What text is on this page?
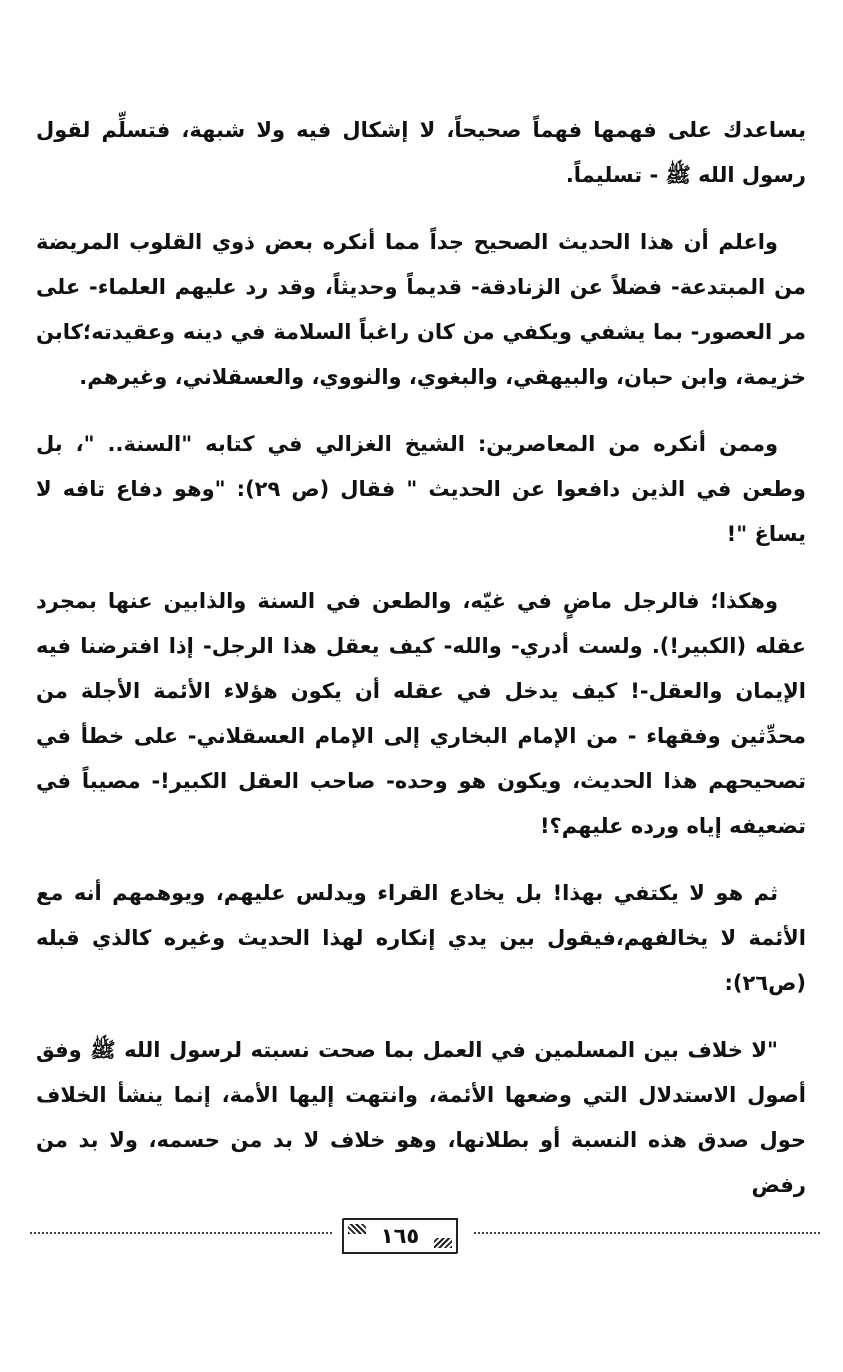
يساعدك على فهمها فهماً صحيحاً، لا إشكال فيه ولا شبهة، فتسلِّم لقول رسول الله ﷺ - تسليماً.

واعلم أن هذا الحديث الصحيح جداً مما أنكره بعض ذوي القلوب المريضة من المبتدعة- فضلاً عن الزنادقة- قديماً وحديثاً، وقد رد عليهم العلماء- على مر العصور- بما يشفي ويكفي من كان راغباً السلامة في دينه وعقيدته؛كابن خزيمة، وابن حبان، والبيهقي، والبغوي، والنووي، والعسقلاني، وغيرهم.

وممن أنكره من المعاصرين: الشيخ الغزالي في كتابه "السنة.. "، بل وطعن في الذين دافعوا عن الحديث " فقال (ص ٢٩): "وهو دفاع تافه لا يساغ "!

وهكذا؛ فالرجل ماضٍ في غيّه، والطعن في السنة والذابين عنها بمجرد عقله (الكبير!). ولست أدري- والله- كيف يعقل هذا الرجل- إذا افترضنا فيه الإيمان والعقل-! كيف يدخل في عقله أن يكون هؤلاء الأئمة الأجلة من محدِّثين وفقهاء - من الإمام البخاري إلى الإمام العسقلاني- على خطأ في تصحيحهم هذا الحديث، ويكون هو وحده- صاحب العقل الكبير!- مصيباً في تضعيفه إياه ورده عليهم؟!

ثم هو لا يكتفي بهذا! بل يخادع القراء ويدلس عليهم، ويوهمهم أنه مع الأئمة لا يخالفهم،فيقول بين يدي إنكاره لهذا الحديث وغيره كالذي قبله (ص٢٦):

"لا خلاف بين المسلمين في العمل بما صحت نسبته لرسول الله ﷺ وفق أصول الاستدلال التي وضعها الأئمة، وانتهت إليها الأمة، إنما ينشأ الخلاف حول صدق هذه النسبة أو بطلانها، وهو خلاف لا بد من حسمه، ولا بد من رفض

١٦٥
